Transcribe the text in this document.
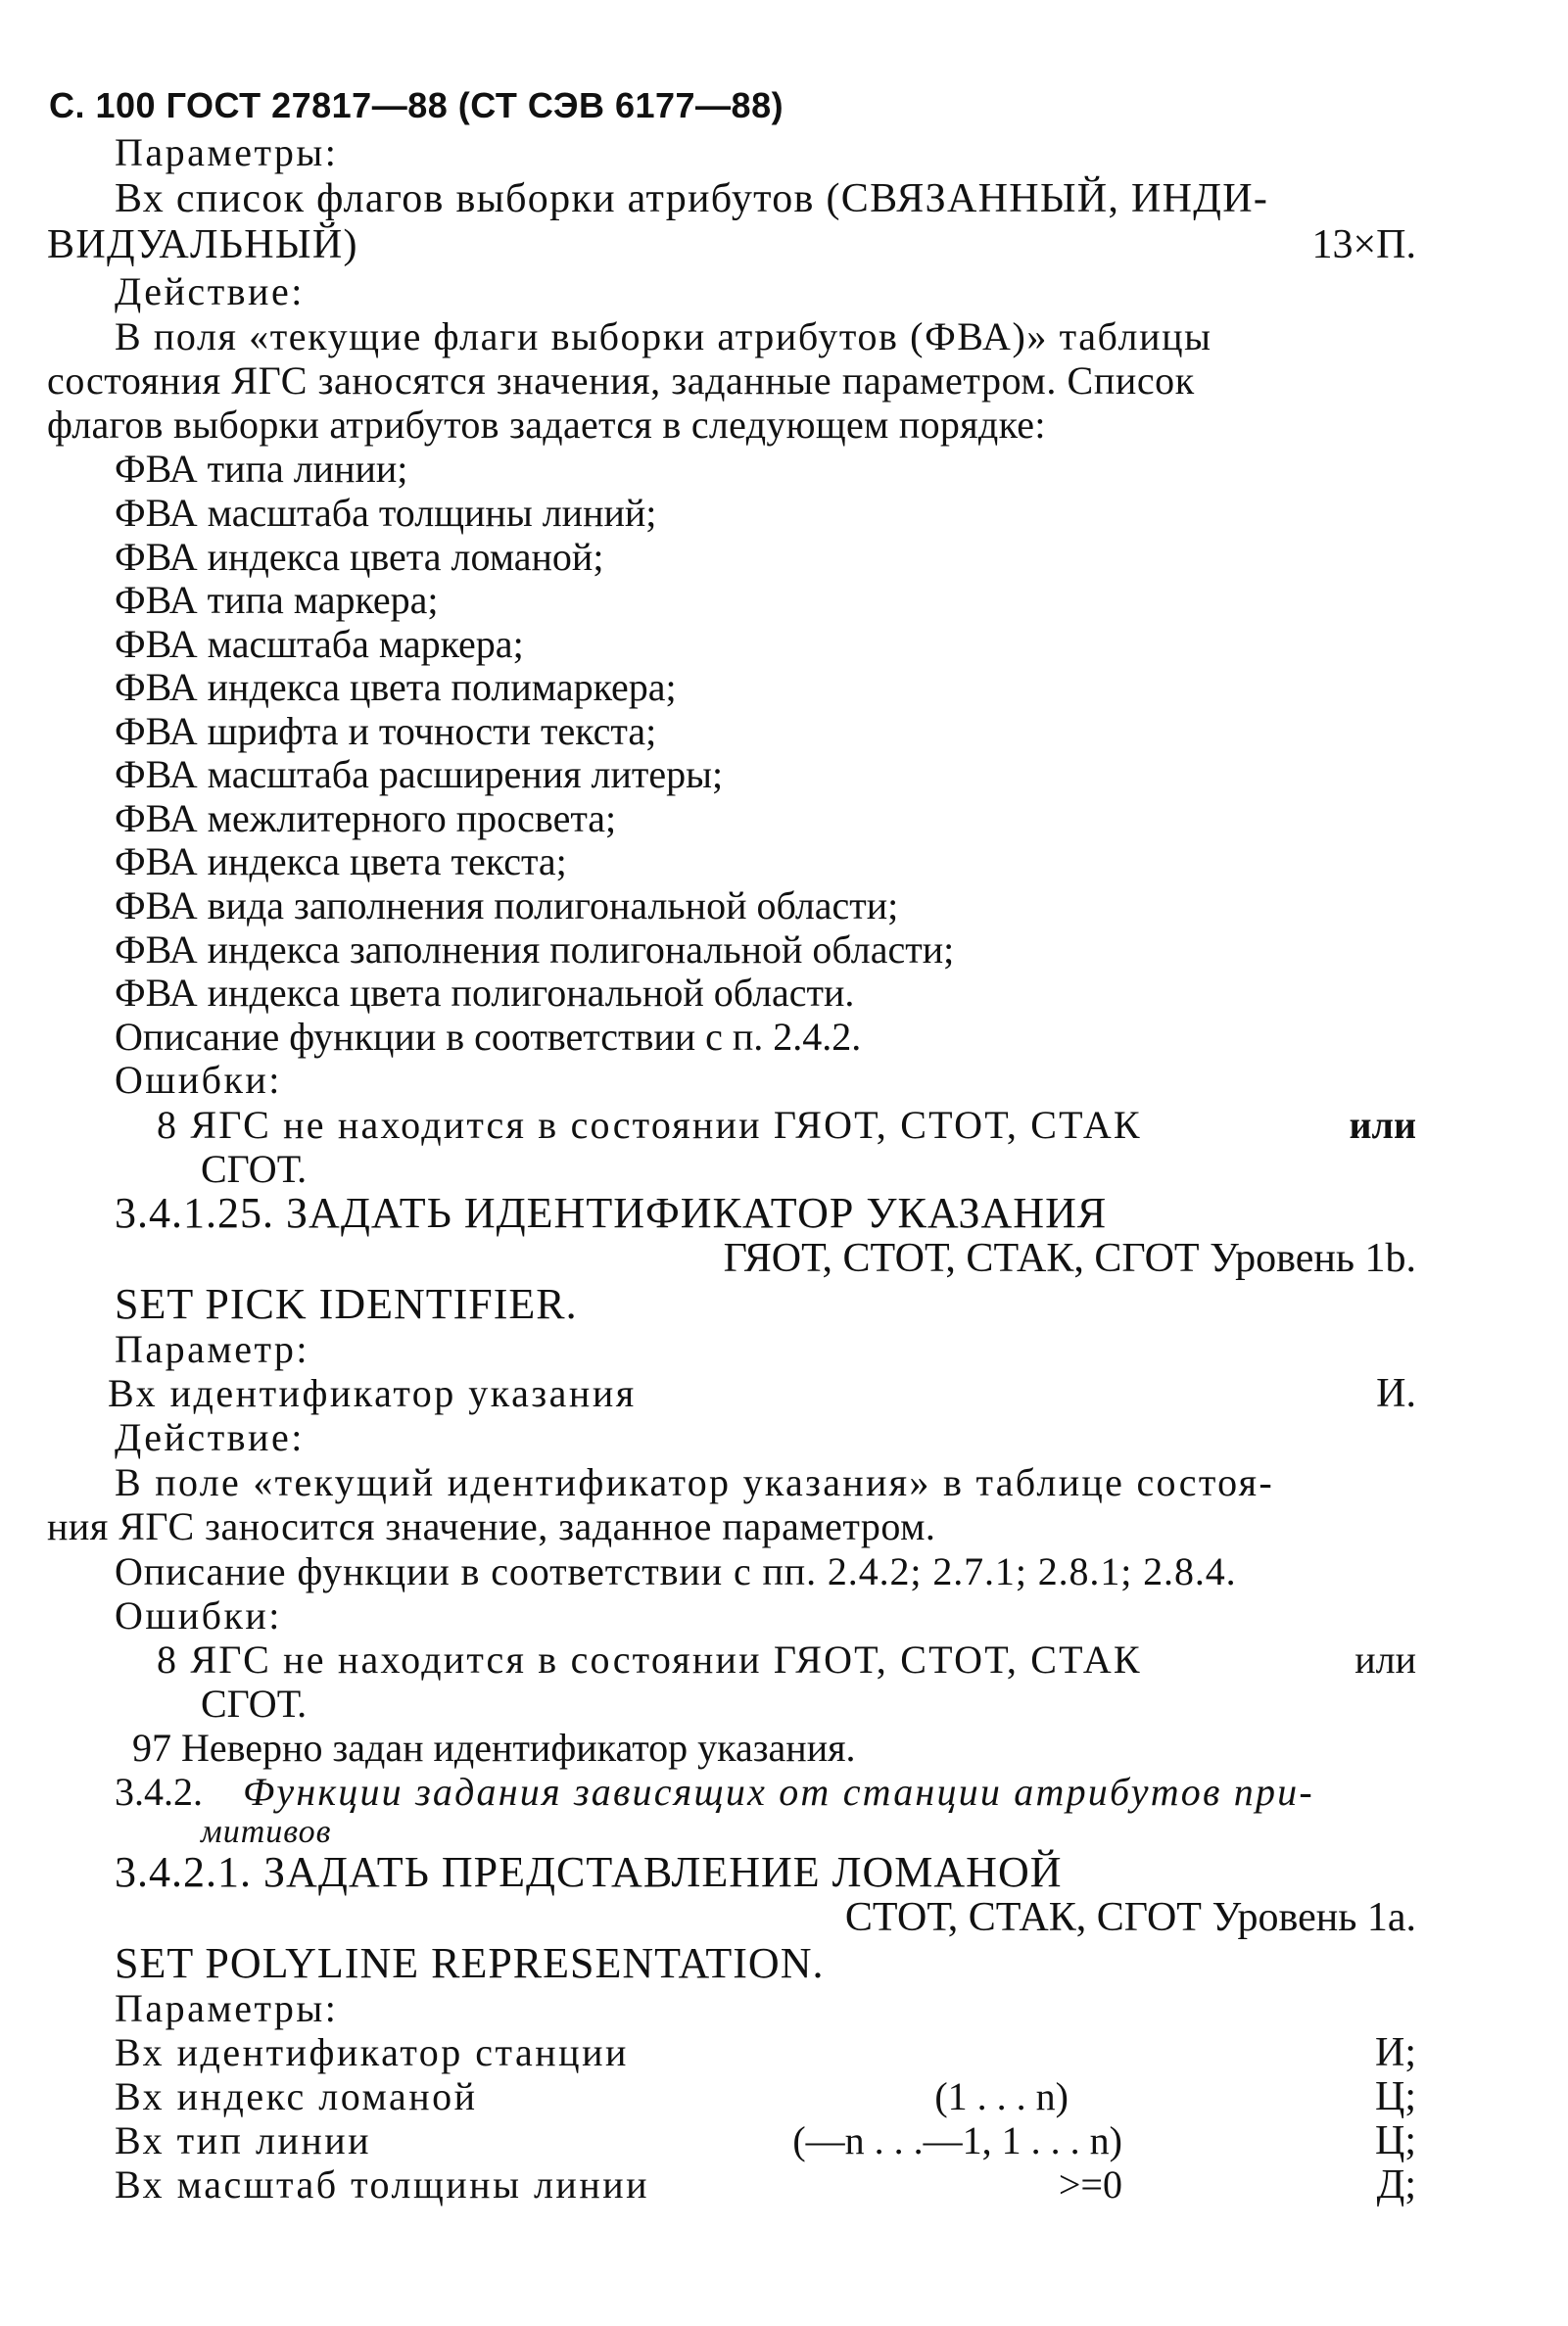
С. 100 ГОСТ 27817—88 (СТ СЭВ 6177—88)
Параметры:
Вх список флагов выборки атрибутов (СВЯЗАННЫЙ, ИНДИ-
ВИДУАЛЬНЫЙ)	13×П.
Действие:
В поля «текущие флаги выборки атрибутов (ФВА)» таблицы
состояния ЯГС заносятся значения, заданные параметром. Список
флагов выборки атрибутов задается в следующем порядке:
ФВА типа линии;
ФВА масштаба толщины линий;
ФВА индекса цвета ломаной;
ФВА типа маркера;
ФВА масштаба маркера;
ФВА индекса цвета полимаркера;
ФВА шрифта и точности текста;
ФВА масштаба расширения литеры;
ФВА межлитерного просвета;
ФВА индекса цвета текста;
ФВА вида заполнения полигональной области;
ФВА индекса заполнения полигональной области;
ФВА индекса цвета полигональной области.
Описание функции в соответствии с п. 2.4.2.
Ошибки:
8 ЯГС не находится в состоянии ГЯОТ, СТОТ, СТАК	или
СГОТ.
3.4.1.25. ЗАДАТЬ ИДЕНТИФИКАТОР УКАЗАНИЯ
ГЯОТ, СТОТ, СТАК, СГОТ Уровень 1b.
SET PICK IDENTIFIER.
Параметр:
Вх идентификатор указания	И.
Действие:
В поле «текущий идентификатор указания» в таблице состоя-
ния ЯГС заносится значение, заданное параметром.
Описание функции в соответствии с пп. 2.4.2; 2.7.1; 2.8.1; 2.8.4.
Ошибки:
8 ЯГС не находится в состоянии ГЯОТ, СТОТ, СТАК	или
СГОТ.
97 Неверно задан идентификатор указания.
3.4.2. Функции задания зависящих от станции атрибутов при-
митивов
3.4.2.1. ЗАДАТЬ ПРЕДСТАВЛЕНИЕ ЛОМАНОЙ
СТОТ, СТАК, СГОТ Уровень 1а.
SET POLYLINE REPRESENTATION.
Параметры:
Вх идентификатор станции	И;
Вх индекс ломаной	(1 . . . n)	Ц;
Вх тип линии	(—n . . .—1, 1 . . . n)	Ц;
Вх масштаб толщины линии	>=0	Д;
